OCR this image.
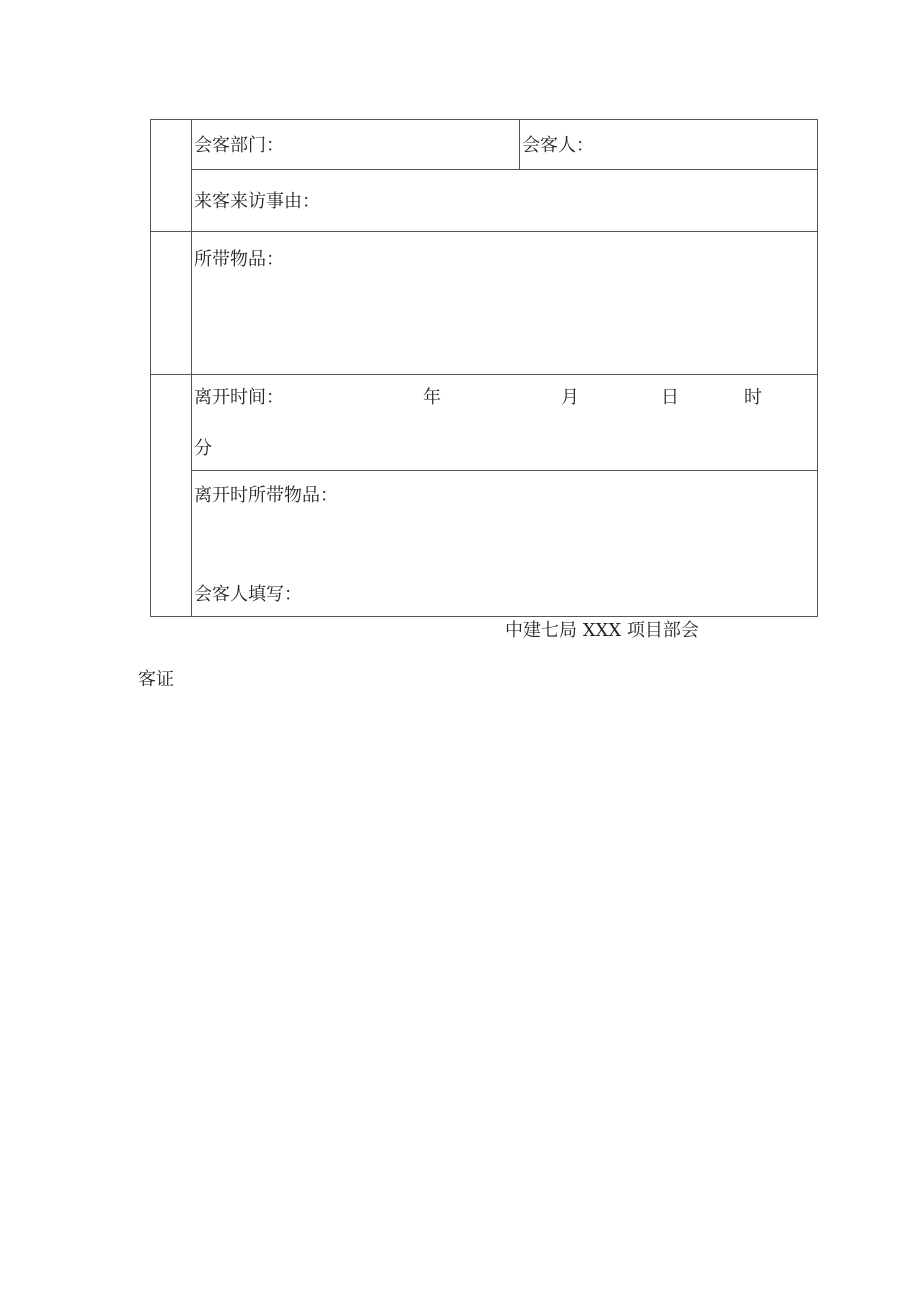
会客部门：	会客人：
来客来访事由：
所带物品：
离开时间：	年	月	日	时
分
离开时所带物品：
会客人填写：
中建七局 XXX 项目部会
客证
